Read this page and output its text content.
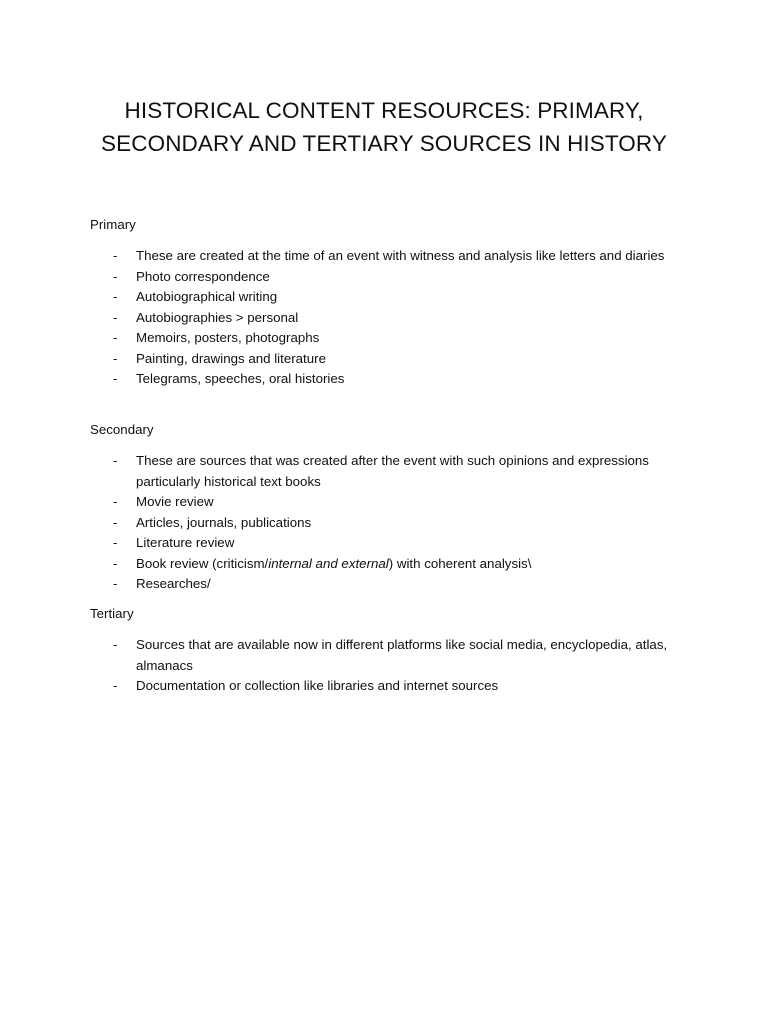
HISTORICAL CONTENT RESOURCES: PRIMARY,
SECONDARY AND TERTIARY SOURCES IN HISTORY
Primary
- These are created at the time of an event with witness and analysis like letters and diaries
- Photo correspondence
- Autobiographical writing
- Autobiographies > personal
- Memoirs, posters, photographs
- Painting, drawings and literature
- Telegrams, speeches, oral histories
Secondary
- These are sources that was created after the event with such opinions and expressions particularly historical text books
- Movie review
- Articles, journals, publications
- Literature review
- Book review (criticism/internal and external) with coherent analysis\
- Researches/
Tertiary
- Sources that are available now in different platforms like social media, encyclopedia, atlas, almanacs
- Documentation or collection like libraries and internet sources
